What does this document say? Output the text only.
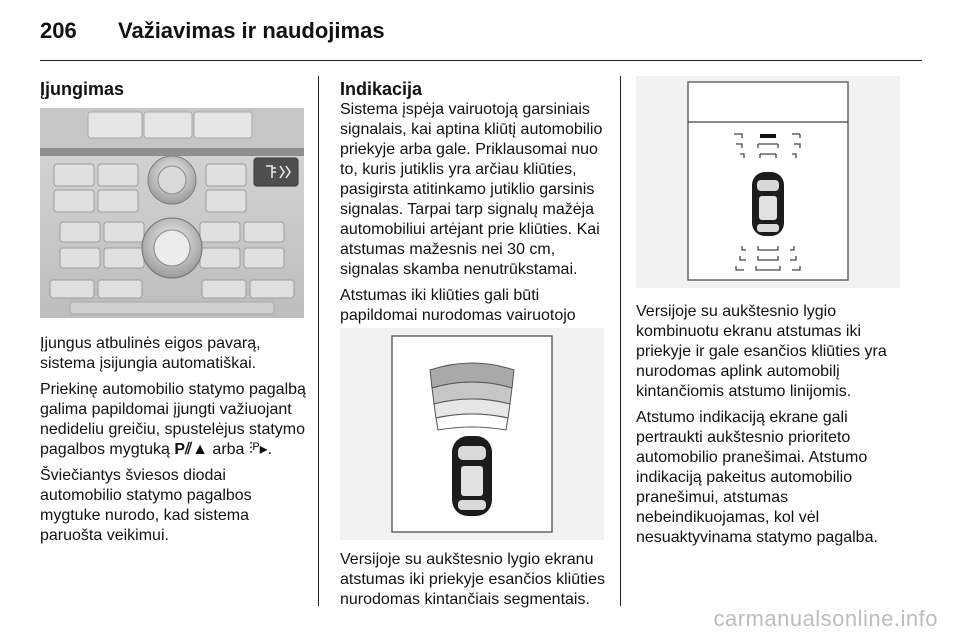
206 Važiavimas ir naudojimas
Įjungimas

Įjungus atbulinės eigos pavarą, sistema įsijungia automatiškai.

Priekinę automobilio statymo pagalbą galima papildomai įjungti važiuojant nedideliu greičiu, spustelėjus statymo pagalbos mygtuką P⫽▲ arba ⫶ᴾ▸.

Šviečiantys šviesos diodai automobilio statymo pagalbos mygtuke nurodo, kad sistema paruošta veikimui.

Indikacija

Sistema įspėja vairuotoją garsiniais signalais, kai aptina kliūtį automobilio priekyje arba gale. Priklausomai nuo to, kuris jutiklis yra arčiau kliūties, pasigirsta atitinkamo jutiklio garsinis signalas. Tarpai tarp signalų mažėja automobiliui artėjant prie kliūties. Kai atstumas mažesnis nei 30 cm, signalas skamba nenutrūkstamai.

Atstumas iki kliūties gali būti papildomai nurodomas vairuotojo

Versijoje su aukštesnio lygio ekranu atstumas iki priekyje esančios kliūties nurodomas kintančiais segmentais.

Versijoje su aukštesnio lygio kombinuotu ekranu atstumas iki priekyje ir gale esančios kliūties yra nurodomas aplink automobilį kintančiomis atstumo linijomis.

Atstumo indikaciją ekrane gali pertraukti aukštesnio prioriteto automobilio pranešimai. Atstumo indikaciją pakeitus automobilio pranešimui, atstumas nebeindikuojamas, kol vėl nesuaktyvinama statymo pagalba.

carmanualsonline.info
